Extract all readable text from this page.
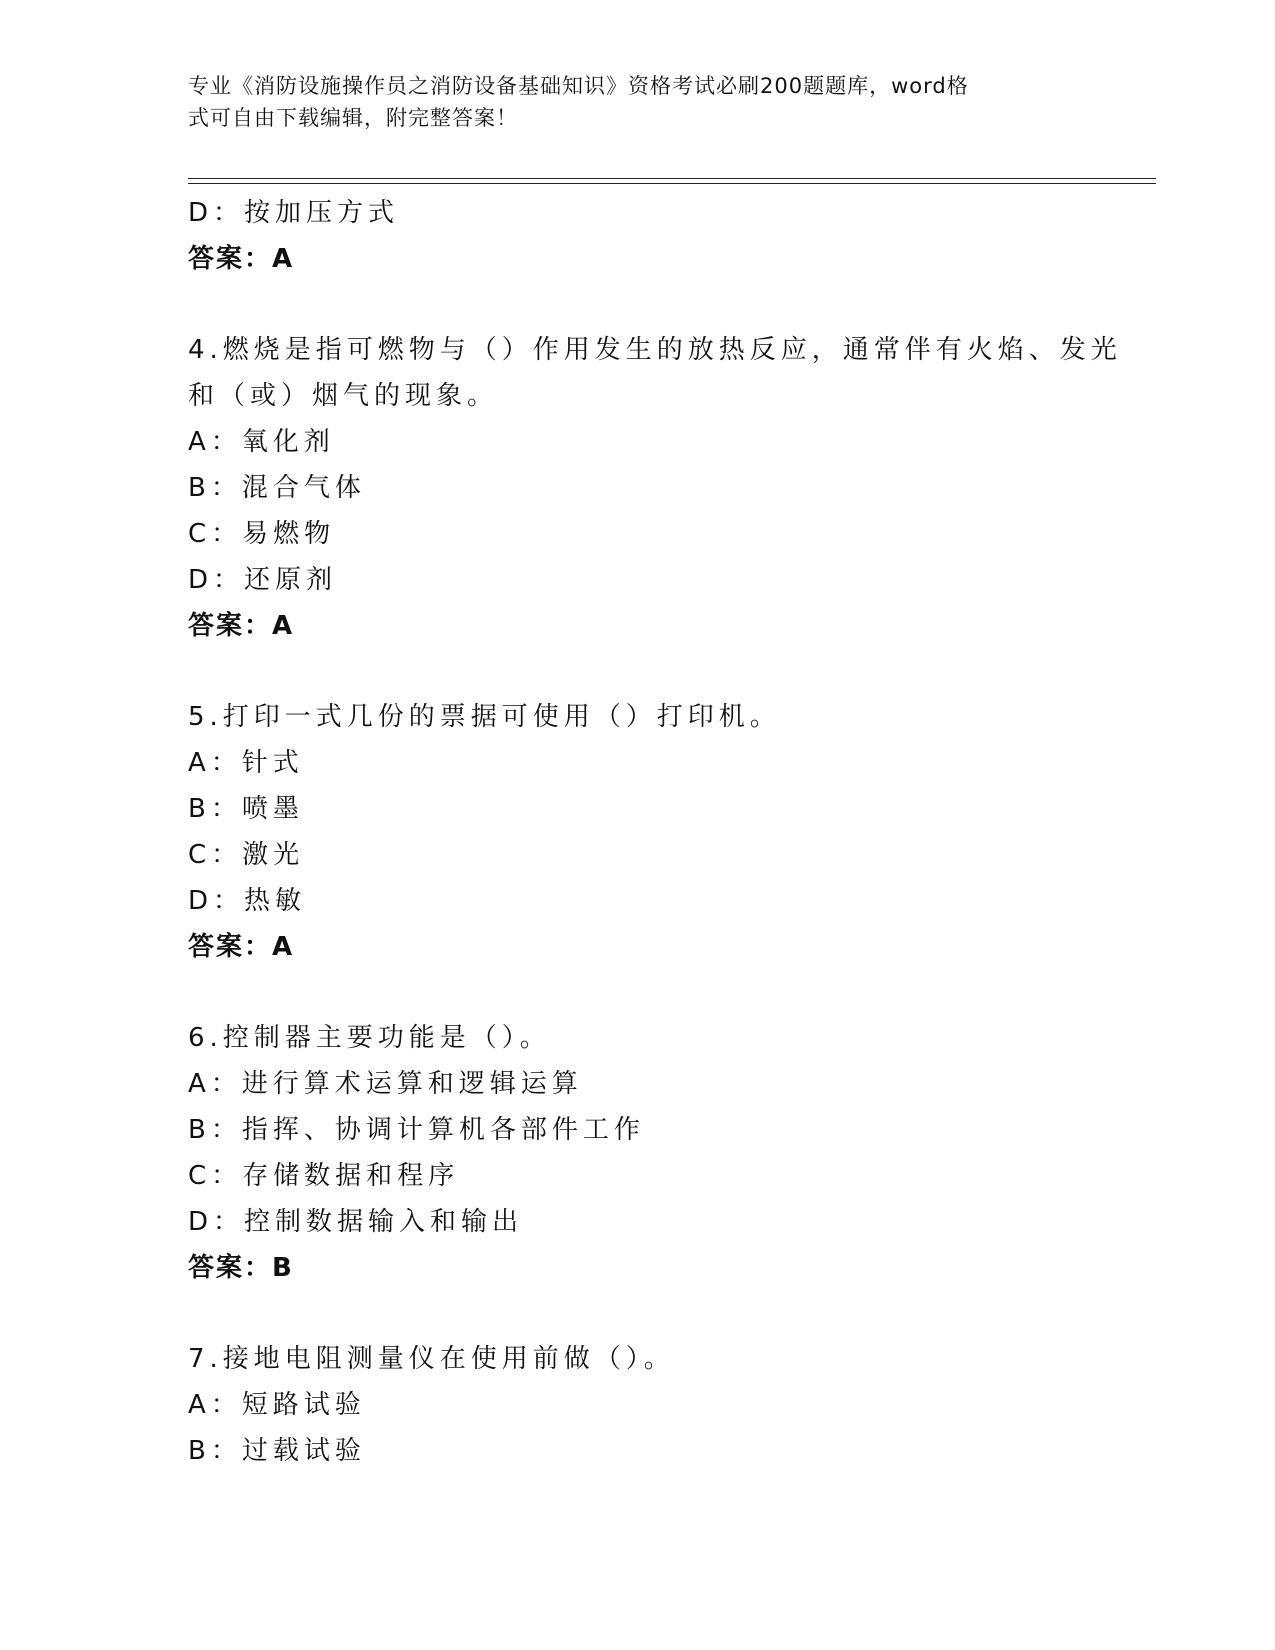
专业《消防设施操作员之消防设备基础知识》资格考试必刷200题题库，word格

式可自由下载编辑，附完整答案！

D：按加压方式
答案：A
4.燃烧是指可燃物与（）作用发生的放热反应，通常伴有火焰、发光
和（或）烟气的现象。
A：氧化剂
B：混合气体
C：易燃物
D：还原剂
答案：A
5.打印一式几份的票据可使用（）打印机。
A：针式
B：喷墨
C：激光
D：热敏
答案：A
6.控制器主要功能是（）。
A：进行算术运算和逻辑运算
B：指挥、协调计算机各部件工作
C：存储数据和程序
D：控制数据输入和输出
答案：B
7.接地电阻测量仪在使用前做（）。
A：短路试验
B：过载试验
